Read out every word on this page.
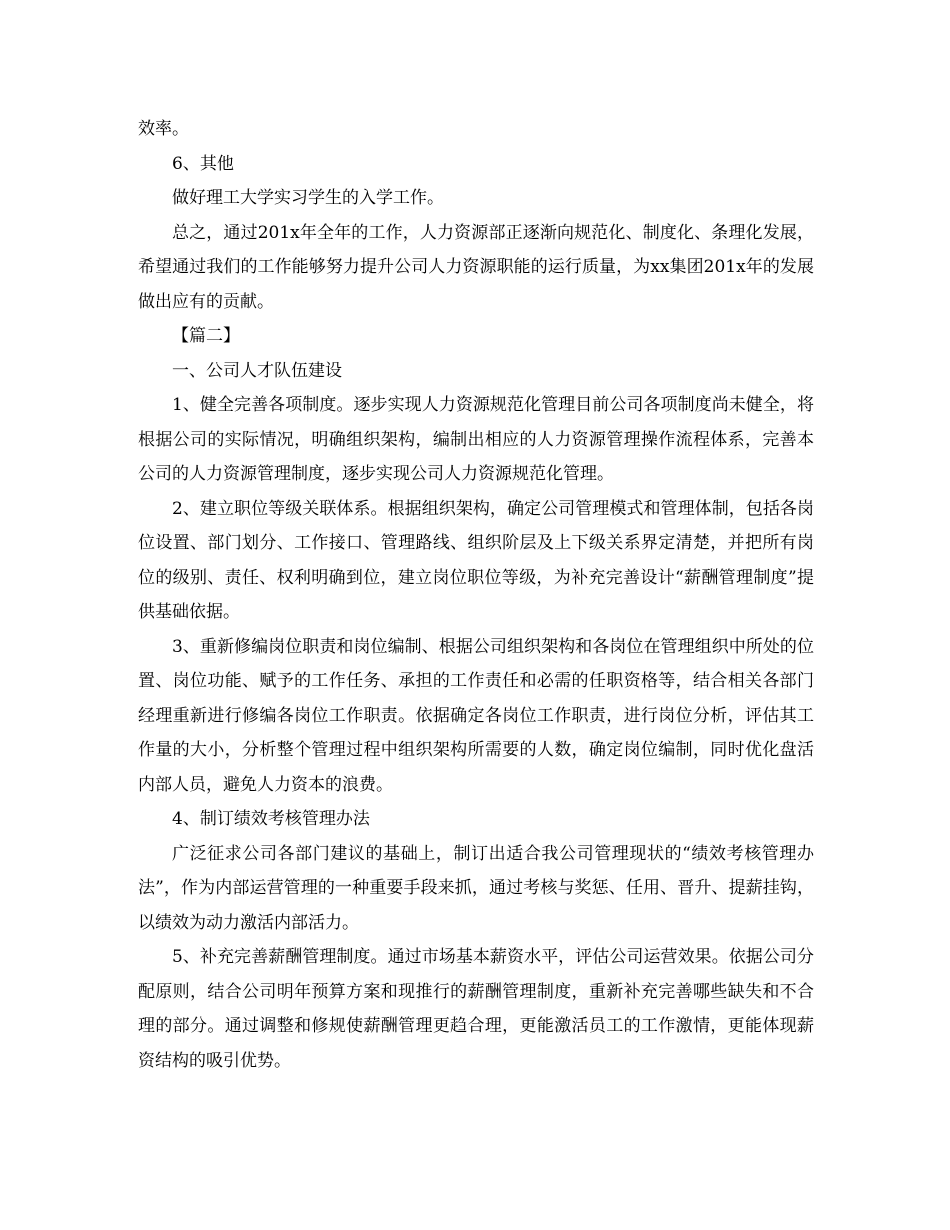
效率。

6、其他

做好理工大学实习学生的入学工作。

总之，通过201x年全年的工作，人力资源部正逐渐向规范化、制度化、条理化发展，希望通过我们的工作能够努力提升公司人力资源职能的运行质量，为xx集团201x年的发展做出应有的贡献。

【篇二】

一、公司人才队伍建设

1、健全完善各项制度。逐步实现人力资源规范化管理目前公司各项制度尚未健全，将根据公司的实际情况，明确组织架构，编制出相应的人力资源管理操作流程体系，完善本公司的人力资源管理制度，逐步实现公司人力资源规范化管理。

2、建立职位等级关联体系。根据组织架构，确定公司管理模式和管理体制，包括各岗位设置、部门划分、工作接口、管理路线、组织阶层及上下级关系界定清楚，并把所有岗位的级别、责任、权利明确到位，建立岗位职位等级，为补充完善设计“薪酬管理制度”提供基础依据。

3、重新修编岗位职责和岗位编制、根据公司组织架构和各岗位在管理组织中所处的位置、岗位功能、赋予的工作任务、承担的工作责任和必需的任职资格等，结合相关各部门经理重新进行修编各岗位工作职责。依据确定各岗位工作职责，进行岗位分析，评估其工作量的大小，分析整个管理过程中组织架构所需要的人数，确定岗位编制，同时优化盘活内部人员，避免人力资本的浪费。

4、制订绩效考核管理办法

广泛征求公司各部门建议的基础上，制订出适合我公司管理现状的“绩效考核管理办法”，作为内部运营管理的一种重要手段来抓，通过考核与奖惩、任用、晋升、提薪挂钩，以绩效为动力激活内部活力。

5、补充完善薪酬管理制度。通过市场基本薪资水平，评估公司运营效果。依据公司分配原则，结合公司明年预算方案和现推行的薪酬管理制度，重新补充完善哪些缺失和不合理的部分。通过调整和修规使薪酬管理更趋合理，更能激活员工的工作激情，更能体现薪资结构的吸引优势。
